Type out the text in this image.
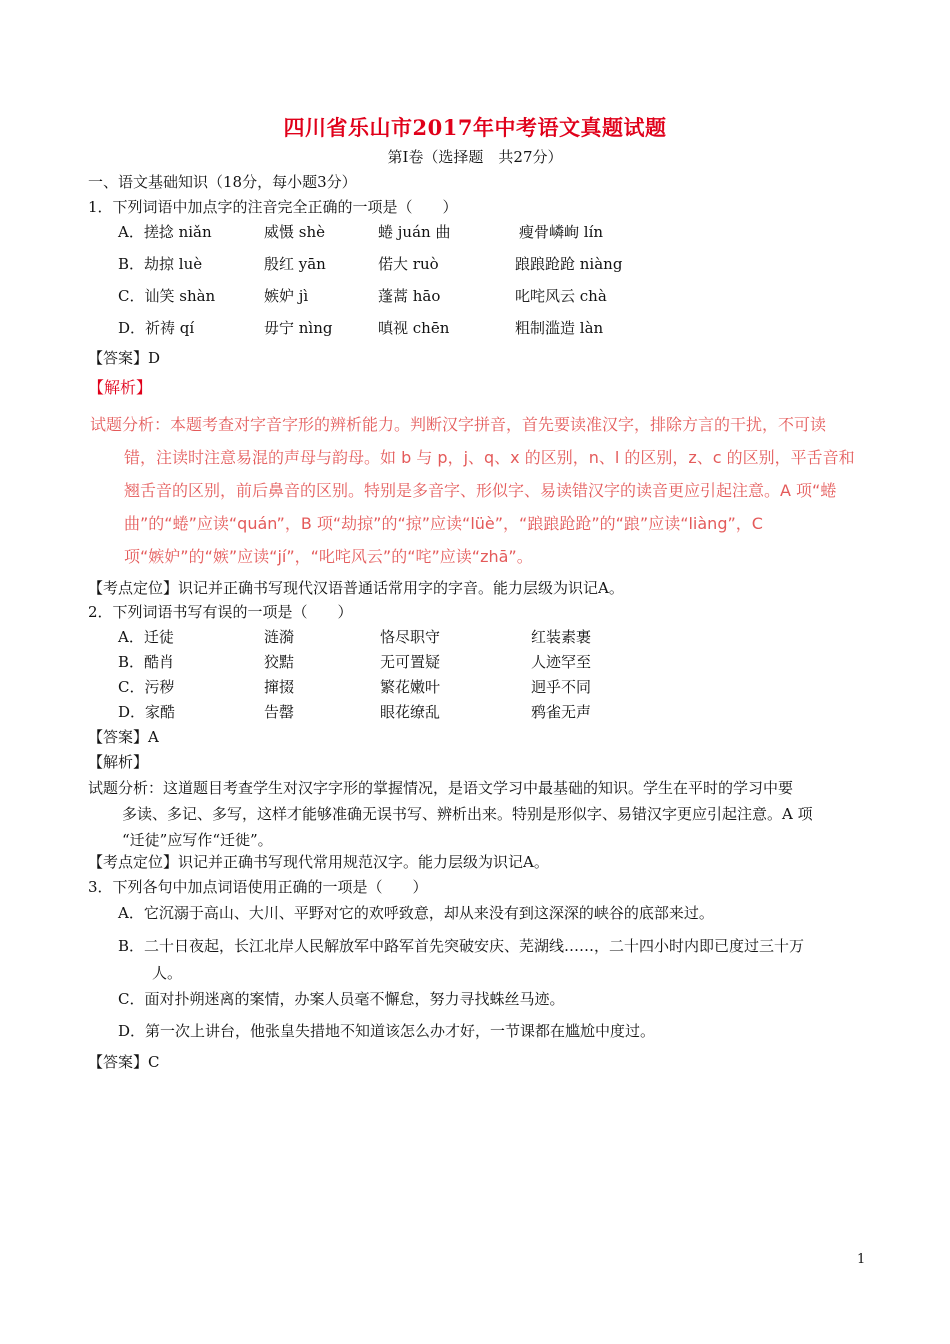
四川省乐山市2017年中考语文真题试题
第Ⅰ卷（选择题　共27分）
一、语文基础知识（18分，每小题3分）
1．下列词语中加点字的注音完全正确的一项是（　　）
A．搓捻 niǎn	威慑 shè	蜷 juán 曲	瘦骨嶙峋 lín
B．劫掠 luè	殷红 yān	偌大 ruò	踉踉跄跄 niàng
C．讪笑 shàn	嫉妒 jì	蓬蒿 hāo	叱咤风云 chà
D．祈祷 qí	毋宁 nìng	嗔视 chēn	粗制滥造 làn
【答案】D
【解析】

试题分析：本题考查对字音字形的辨析能力。判断汉字拼音，首先要读准汉字，排除方言的干扰，不可读

错，注读时注意易混的声母与韵母。如 b 与 p，j、q、x 的区别，n、l 的区别，z、c 的区别，平舌音和

翘舌音的区别，前后鼻音的区别。特别是多音字、形似字、易读错汉字的读音更应引起注意。A 项“蜷

曲”的“蜷”应读“quán”，B 项“劫掠”的“掠”应读“lüè”，“踉踉跄跄”的“踉”应读“liàng”，C

项“嫉妒”的“嫉”应读“jí”，“叱咤风云”的“咤”应读“zhā”。

【考点定位】识记并正确书写现代汉语普通话常用字的字音。能力层级为识记A。
2．下列词语书写有误的一项是（　　）
A．迁徒	涟漪	恪尽职守	红装素裹
B．酷肖	狡黠	无可置疑	人迹罕至
C．污秽	撺掇	繁花嫩叶	迥乎不同
D．家酷	告罄	眼花缭乱	鸦雀无声
【答案】A
【解析】

试题分析：这道题目考查学生对汉字字形的掌握情况，是语文学习中最基础的知识。学生在平时的学习中要

多读、多记、多写，这样才能够准确无误书写、辨析出来。特别是形似字、易错汉字更应引起注意。A 项

“迁徒”应写作“迁徙”。

【考点定位】识记并正确书写现代常用规范汉字。能力层级为识记A。
3．下列各句中加点词语使用正确的一项是（　　）
A．它沉溺于高山、大川、平野对它的欢呼致意，却从来没有到这深深的峡谷的底部来过。
B．二十日夜起，长江北岸人民解放军中路军首先突破安庆、芜湖线……，二十四小时内即已度过三十万
人。
C．面对扑朔迷离的案情，办案人员毫不懈怠，努力寻找蛛丝马迹。
D．第一次上讲台，他张皇失措地不知道该怎么办才好，一节课都在尴尬中度过。
【答案】C
1
